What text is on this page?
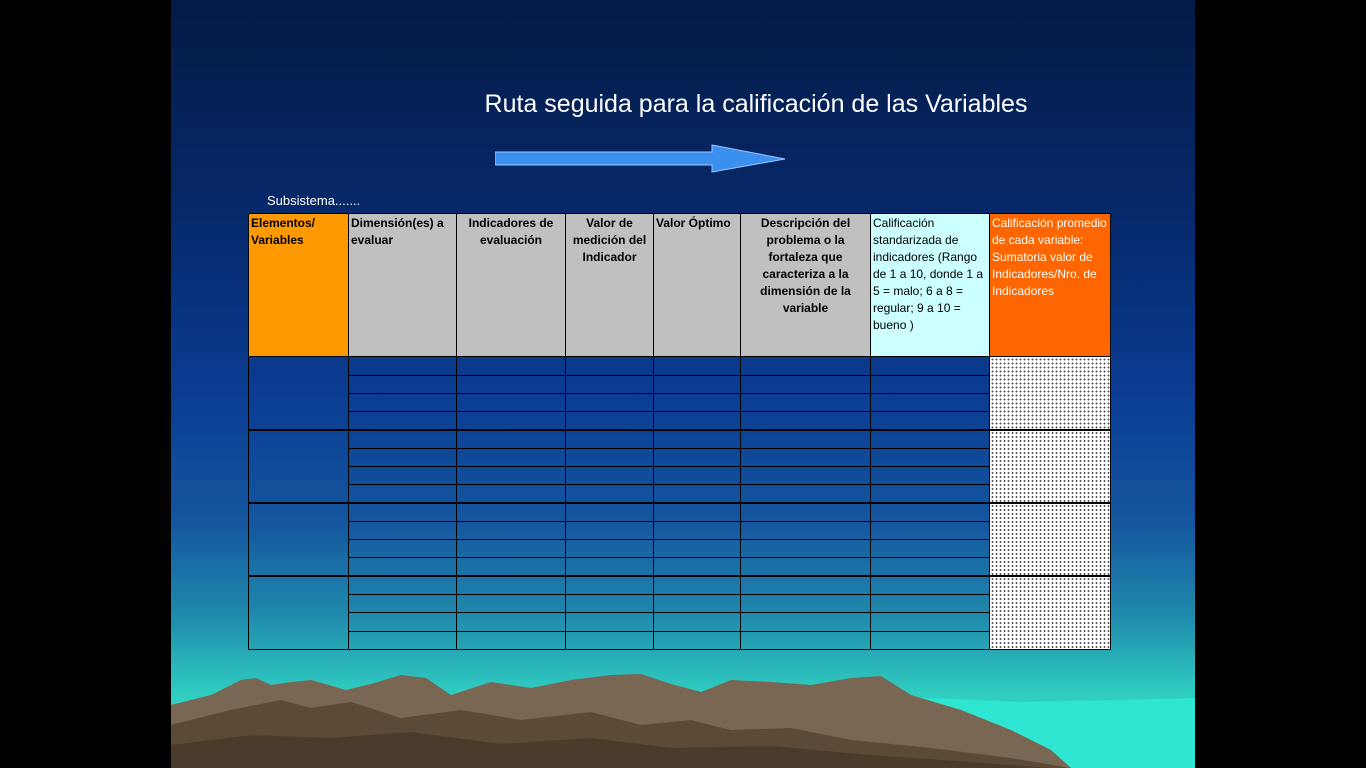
Ruta seguida para la calificación de las Variables
Subsistema.......
Elementos/ Variables	Dimensión(es) a evaluar	Indicadores de evaluación	Valor de medición del Indicador	Valor Óptimo	Descripción del problema o la fortaleza que caracteriza a la dimensión de la variable	Calificación standarizada de indicadores (Rango de 1 a 10, donde 1 a 5 = malo; 6 a 8 = regular; 9 a 10 = bueno )	Calificación promedio de cada variable: Sumatoria valor de Indicadores/Nro. de Indicadores
